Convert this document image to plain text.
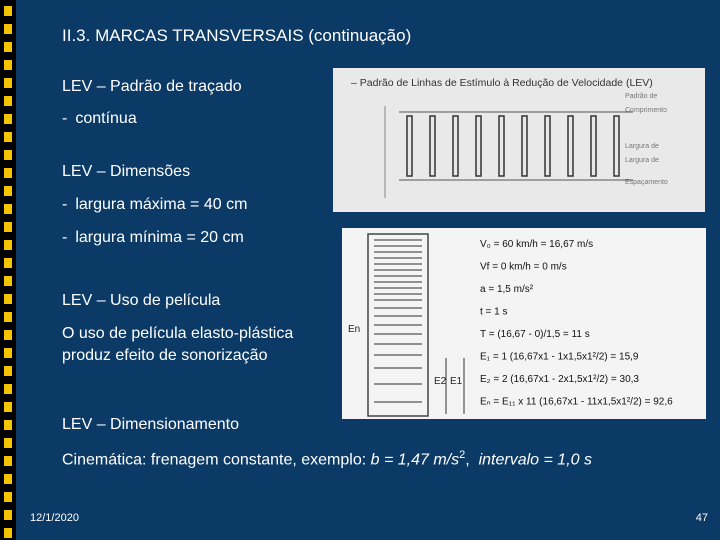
II.3. MARCAS TRANSVERSAIS (continuação)
LEV – Padrão de traçado
- contínua
LEV – Dimensões
- largura máxima = 40 cm
- largura mínima = 20 cm
LEV – Uso de película
O uso de película elasto-plástica
produz efeito de sonorização
LEV – Dimensionamento
Cinemática: frenagem constante, exemplo: b = 1,47 $m/s^2$,  intervalo = 1,0 s
– Padrão de Linhas de Estímulo à Redução de Velocidade (LEV)
Padrão de
Comprimento
Largura de
Largura de
Espaçamento
En
E2 E1
V₀ = 60 km/h = 16,67 m/s
Vf = 0 km/h = 0 m/s
a = 1,5 m/s²
t = 1 s
T = (16,67 - 0)/1,5 = 11 s
E₁ = 1 (16,67x1 - 1x1,5x1²/2) = 15,9
E₂ = 2 (16,67x1 - 2x1,5x1²/2) = 30,3
Eₙ = E₁₁ x 11 (16,67x1 - 11x1,5x1²/2) = 92,6
12/1/2020	47
